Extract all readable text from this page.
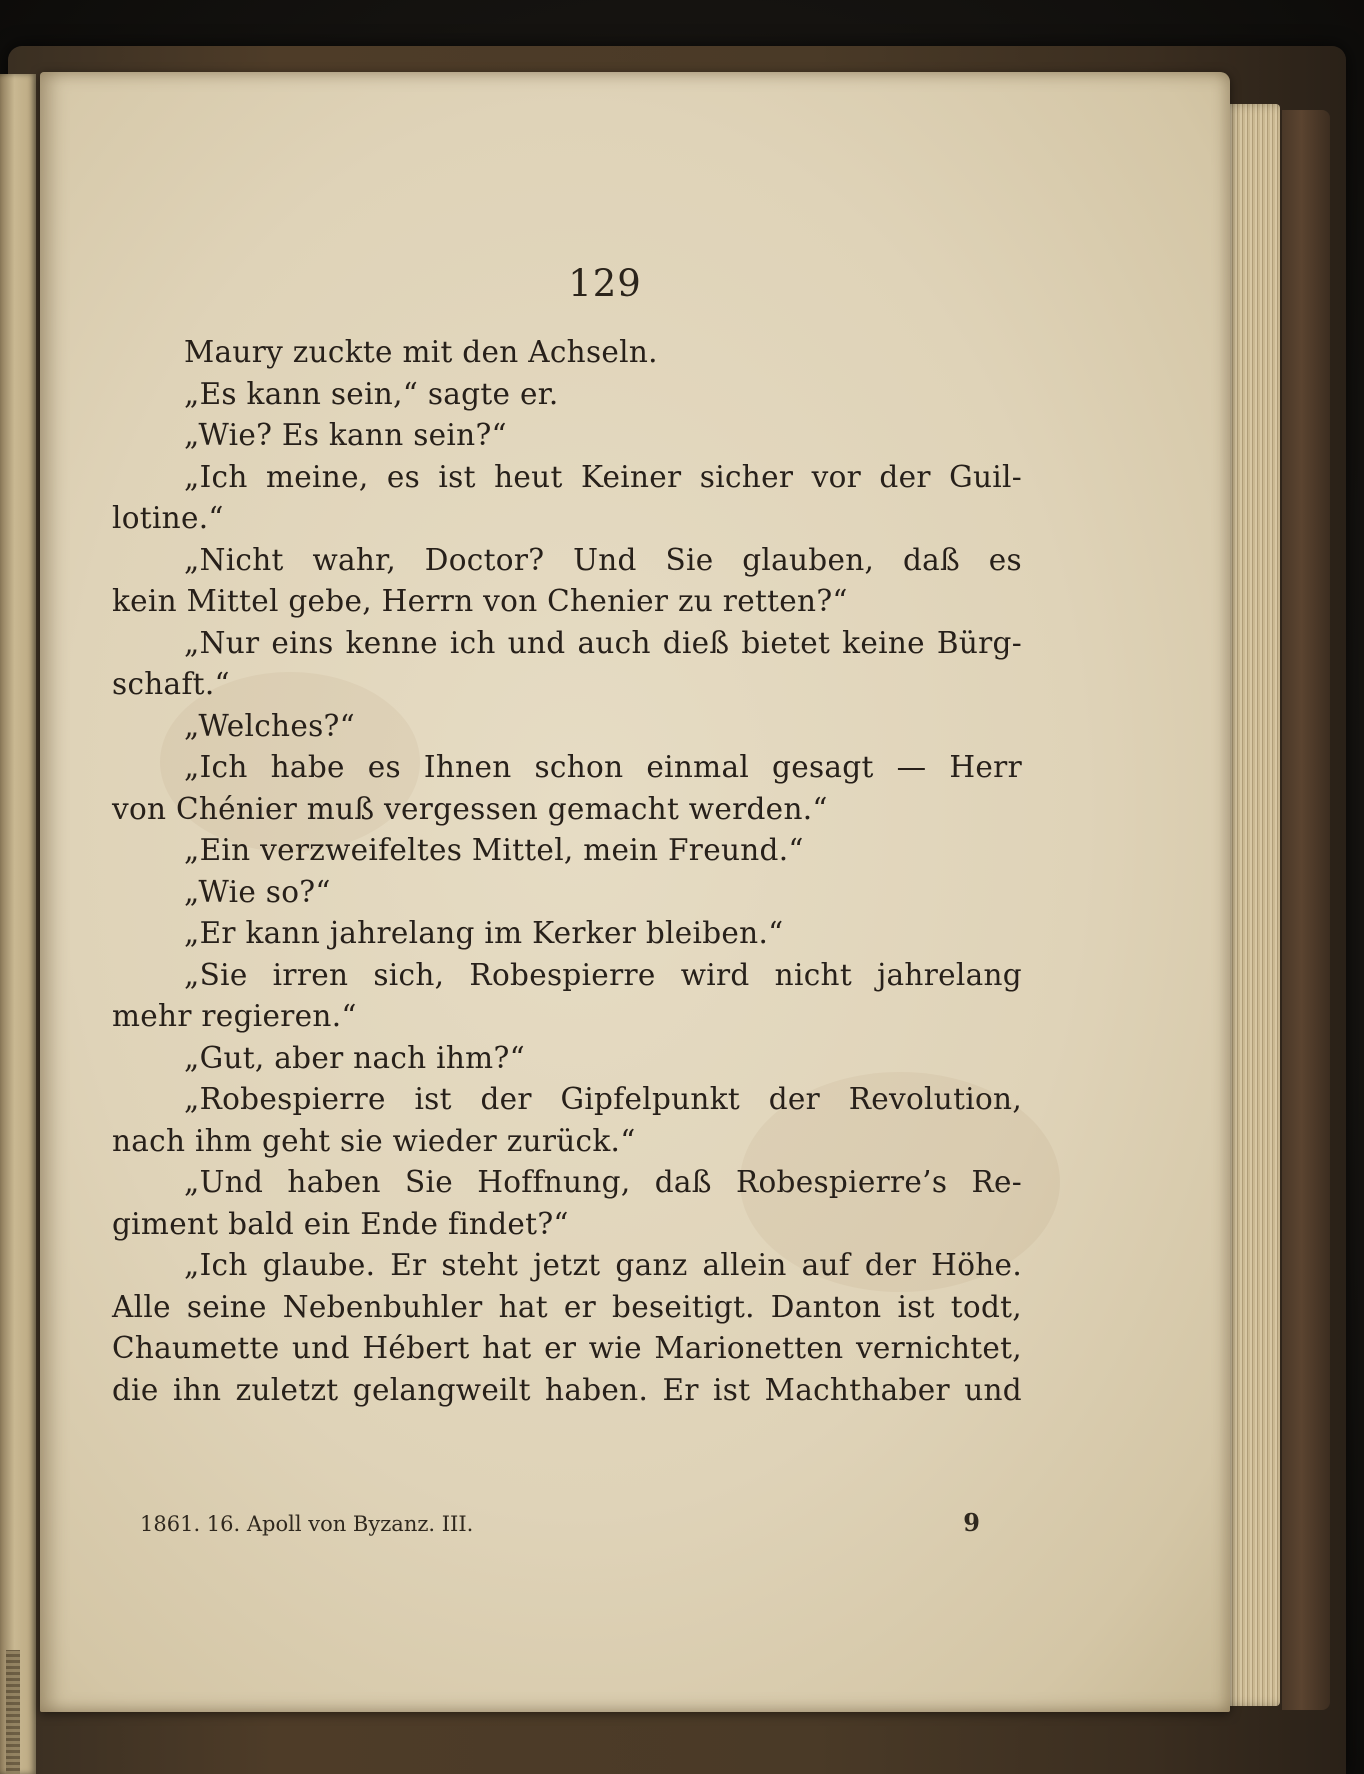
129
Maury zuckte mit den Achseln.
„Es kann sein,“ sagte er.
„Wie? Es kann sein?“
„Ich meine, es ist heut Keiner sicher vor der Guil-
lotine.“
„Nicht wahr, Doctor? Und Sie glauben, daß es
kein Mittel gebe, Herrn von Chenier zu retten?“
„Nur eins kenne ich und auch dieß bietet keine Bürg-
schaft.“
„Welches?“
„Ich habe es Ihnen schon einmal gesagt — Herr
von Chénier muß vergessen gemacht werden.“
„Ein verzweifeltes Mittel, mein Freund.“
„Wie so?“
„Er kann jahrelang im Kerker bleiben.“
„Sie irren sich, Robespierre wird nicht jahrelang
mehr regieren.“
„Gut, aber nach ihm?“
„Robespierre ist der Gipfelpunkt der Revolution,
nach ihm geht sie wieder zurück.“
„Und haben Sie Hoffnung, daß Robespierre’s Re-
giment bald ein Ende findet?“
„Ich glaube. Er steht jetzt ganz allein auf der Höhe.
Alle seine Nebenbuhler hat er beseitigt. Danton ist todt,
Chaumette und Hébert hat er wie Marionetten vernichtet,
die ihn zuletzt gelangweilt haben. Er ist Machthaber und
1861. 16. Apoll von Byzanz. III.	9
